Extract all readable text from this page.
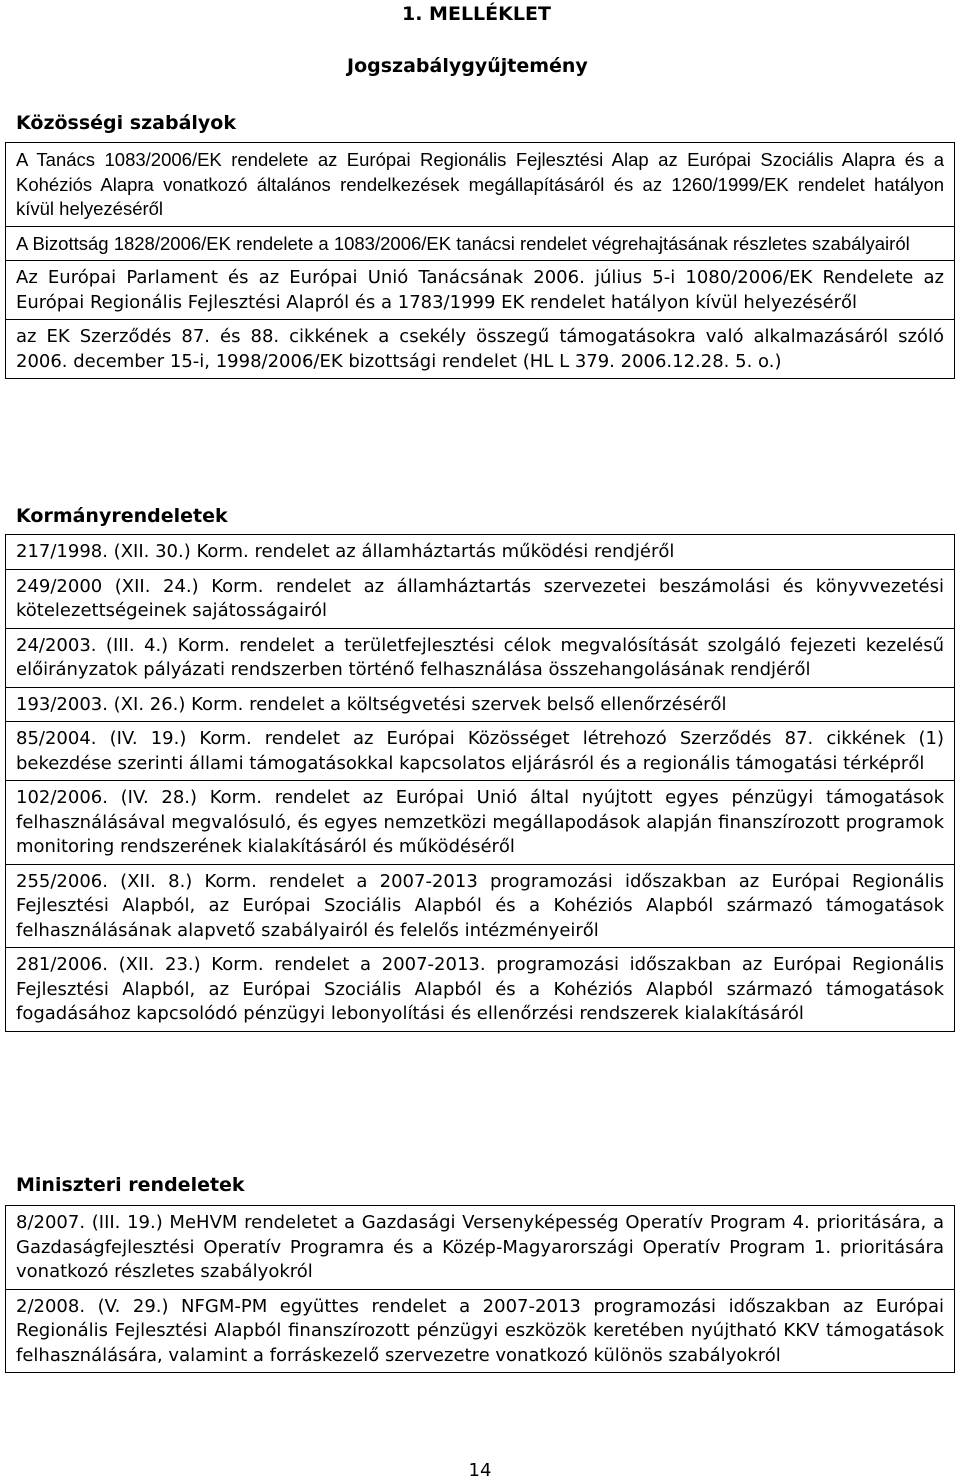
1. MELLÉKLET
Jogszabálygyűjtemény
Közösségi szabályok
A Tanács 1083/2006/EK rendelete az Európai Regionális Fejlesztési Alap az Európai Szociális Alapra és a Kohéziós Alapra vonatkozó általános rendelkezések megállapításáról és az 1260/1999/EK rendelet hatályon kívül helyezéséről
A Bizottság 1828/2006/EK rendelete a 1083/2006/EK tanácsi rendelet végrehajtásának részletes szabályairól
Az Európai Parlament és az Európai Unió Tanácsának 2006. július 5-i 1080/2006/EK Rendelete az Európai Regionális Fejlesztési Alapról és a 1783/1999 EK rendelet hatályon kívül helyezéséről
az EK Szerződés 87. és 88. cikkének a csekély összegű támogatásokra való alkalmazásáról szóló 2006. december 15-i, 1998/2006/EK bizottsági rendelet (HL L 379. 2006.12.28. 5. o.)
Kormányrendeletek
217/1998. (XII. 30.) Korm. rendelet az államháztartás működési rendjéről
249/2000 (XII. 24.) Korm. rendelet az államháztartás szervezetei beszámolási és könyvvezetési kötelezettségeinek sajátosságairól
24/2003. (III. 4.) Korm. rendelet a területfejlesztési célok megvalósítását szolgáló fejezeti kezelésű előirányzatok pályázati rendszerben történő felhasználása összehangolásának rendjéről
193/2003. (XI. 26.) Korm. rendelet a költségvetési szervek belső ellenőrzéséről
85/2004. (IV. 19.) Korm. rendelet az Európai Közösséget létrehozó Szerződés 87. cikkének (1) bekezdése szerinti állami támogatásokkal kapcsolatos eljárásról és a regionális támogatási térképről
102/2006. (IV. 28.) Korm. rendelet az Európai Unió által nyújtott egyes pénzügyi támogatások felhasználásával megvalósuló, és egyes nemzetközi megállapodások alapján finanszírozott programok monitoring rendszerének kialakításáról és működéséről
255/2006. (XII. 8.) Korm. rendelet a 2007-2013 programozási időszakban az Európai Regionális Fejlesztési Alapból, az Európai Szociális Alapból és a Kohéziós Alapból származó támogatások felhasználásának alapvető szabályairól és felelős intézményeiről
281/2006. (XII. 23.) Korm. rendelet a 2007-2013. programozási időszakban az Európai Regionális Fejlesztési Alapból, az Európai Szociális Alapból és a Kohéziós Alapból származó támogatások fogadásához kapcsolódó pénzügyi lebonyolítási és ellenőrzési rendszerek kialakításáról
Miniszteri rendeletek
8/2007. (III. 19.) MeHVM rendeletet a Gazdasági Versenyképesség Operatív Program 4. prioritására, a Gazdaságfejlesztési Operatív Programra és a Közép-Magyarországi Operatív Program 1. prioritására vonatkozó részletes szabályokról
2/2008. (V. 29.) NFGM-PM együttes rendelet a 2007-2013 programozási időszakban az Európai Regionális Fejlesztési Alapból finanszírozott pénzügyi eszközök keretében nyújtható KKV támogatások felhasználására, valamint a forráskezelő szervezetre vonatkozó különös szabályokról

14
